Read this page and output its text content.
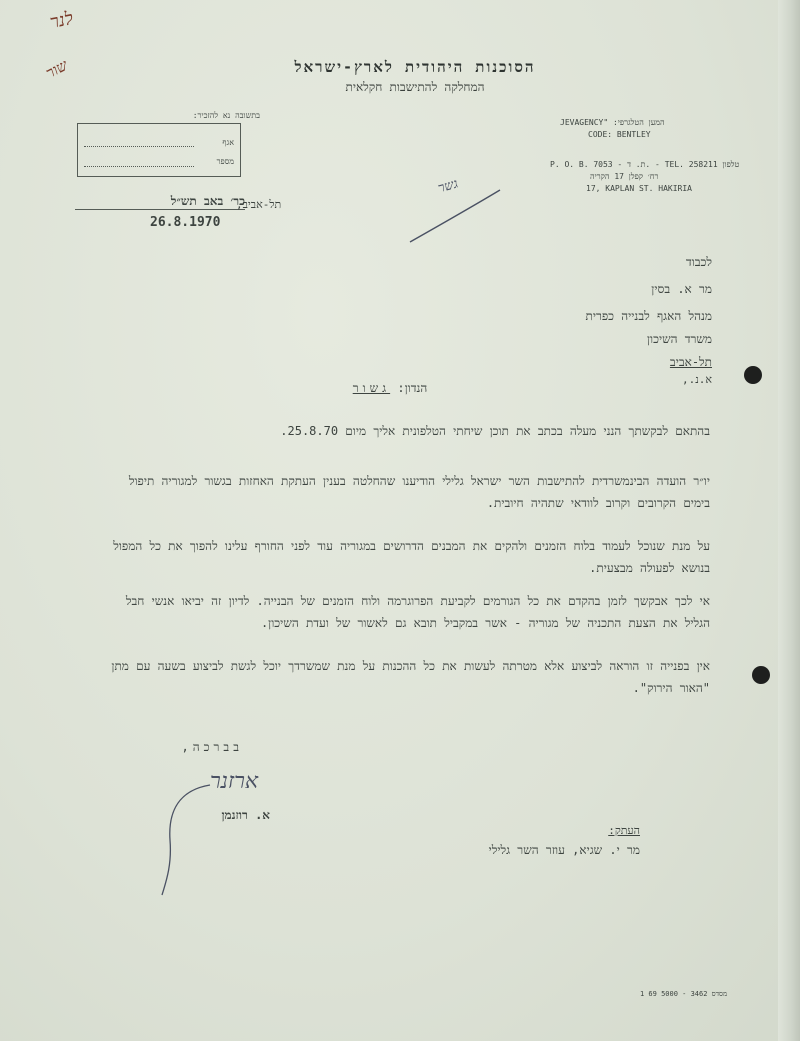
לנר
שור	הסוכנות היהודית לארץ-ישראל
המחלקה להתישבות חקלאית
בתשובה נא להזכיר:
אגף
מספר
JEVAGENCY" :המען הטלגרפי
CODE: BENTLEY
P. O. B. 7053 - ת. ד. - TEL. 258211 טלפון
רח׳ קפלן 17 הקריה
17, KAPLAN ST. HAKIRIA
כר׳ באב תש״ל
תל-אביב,
26.8.1970
גשר
לכבוד
מר א. בסין
מנהל האגף לבנייה כפרית
משרד השיכון
תל-אביב
א.נ.,
הנדון: גשור
בהתאם לבקשתך הנני מעלה בכתב את תוכן שיחתי הטלפונית אליך מיום 25.8.70.
יו״ר הועדה הבינמשרדית להתישבות השר ישראל גלילי הודיענו שהחלטה בענין העתקת האחזות בגשור למגוריה תיפול בימים הקרובים וקרוב לוודאי שתהיה חיובית.
על מנת שנוכל לעמוד בלוח הזמנים ולהקים את המבנים הדרושים במגוריה עוד לפני החורף עלינו להפוך את כל המפול בנושא לפעולה מבצעית.
אי לכך אבקשך לזמן בהקדם את כל הגורמים לקביעת הפרוגרמה ולוח הזמנים של הבנייה. לדיון זה יביאו אנשי חבל הגליל את הצעת התכניה של מגוריה - אשר במקביל תובא גם לאשור של ועדת השיכון.
אין בפנייה זו הוראה לביצוע אלא מטרתה לעשות את כל ההכנות על מנת שמשרדך יוכל לגשת לביצוע בשעה עם מתן "האור הירוק".
בברכה,
ארזנר
א. רוזנמן
העתק:
מר י. שגיא, עוזר השר גלילי
1 69 5000 - 3462 מסדס
